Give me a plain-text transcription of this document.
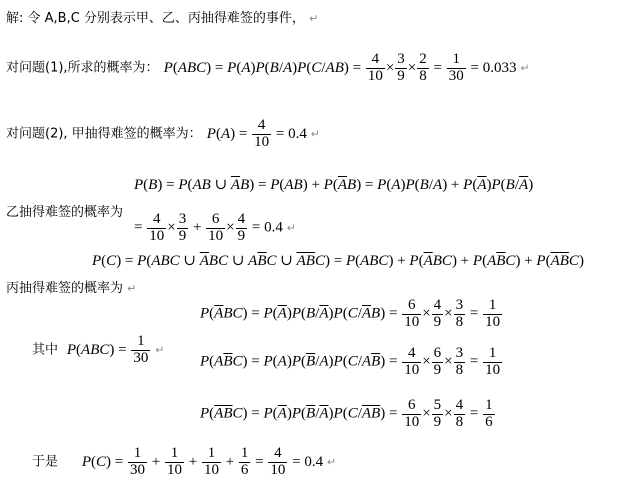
解: 令 A,B,C 分别表示甲、乙、丙抽得难签的事件， ↵
对问题(1),所求的概率为： $P(ABC) = P(A)P(B/A)P(C/AB) = \frac{4}{10} \times \frac{3}{9} \times \frac{2}{8} = \frac{1}{30} = 0.033$ ↵
对问题(2), 甲抽得难签的概率为： $P(A) = \frac{4}{10} = 0.4$ ↵
P(B) = P(AB ∪ $\overline{A}B) = P(AB) + P(\overline{A}B) = P(A)P(B/A) + P(\overline{A})P(B/\overline{A})$
乙抽得难签的概率为
= $\frac{4}{10} \times \frac{3}{9} + \frac{6}{10} \times \frac{4}{9} = 0.4$ ↵
P(C) = P(ABC ∪ $\overline{A}BC$ ∪ $A\overline{B}C$ ∪ $\overline{A}\overline{B}C) = P(ABC) + P(\overline{A}BC) + P(A\overline{B}C) + P(\overline{A}\overline{B}C)$
丙抽得难签的概率为 ↵
$P(\overline{A}BC) = P(\overline{A})P(B/\overline{A})P(C/\overline{A}B) = \frac{6}{10} \times \frac{4}{9} \times \frac{3}{8} = \frac{1}{10}$
其中 $P(ABC) = \frac{1}{30}$ ↵
$P(A\overline{B}C) = P(A)P(\overline{B}/A)P(C/A\overline{B}) = \frac{4}{10} \times \frac{6}{9} \times \frac{3}{8} = \frac{1}{10}$
$P(\overline{A}\overline{B}C) = P(\overline{A})P(\overline{B}/\overline{A})P(C/\overline{A}\overline{B}) = \frac{6}{10} \times \frac{5}{9} \times \frac{4}{8} = \frac{1}{6}$
于是 $P(C) = \frac{1}{30} + \frac{1}{10} + \frac{1}{10} + \frac{1}{6} = \frac{4}{10} = 0.4$ ↵
